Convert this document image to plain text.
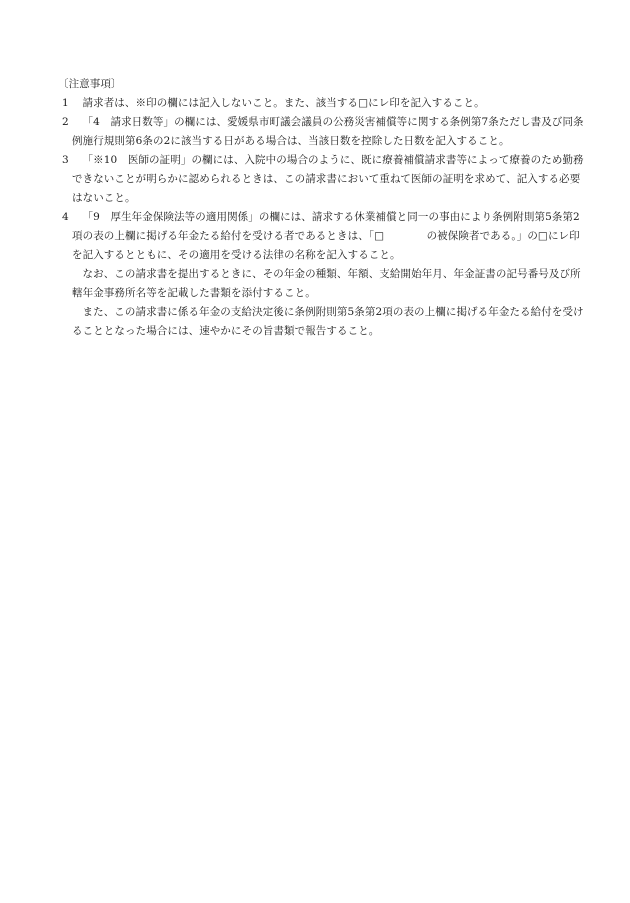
〔注意事項〕
1	請求者は、※印の欄には記入しないこと。また、該当する□にレ印を記入すること。
2	「4　請求日数等」の欄には、愛媛県市町議会議員の公務災害補償等に関する条例第7条ただし書及び同条例施行規則第6条の2に該当する日がある場合は、当該日数を控除した日数を記入すること。
3	「※10　医師の証明」の欄には、入院中の場合のように、既に療養補償請求書等によって療養のため勤務できないことが明らかに認められるときは、この請求書において重ねて医師の証明を求めて、記入する必要はないこと。
4	「9　厚生年金保険法等の適用関係」の欄には、請求する休業補償と同一の事由により条例附則第5条第2項の表の上欄に掲げる年金たる給付を受ける者であるときは、「□　　　　の被保険者である。」の□にレ印を記入するとともに、その適用を受ける法律の名称を記入すること。
なお、この請求書を提出するときに、その年金の種類、年額、支給開始年月、年金証書の記号番号及び所轄年金事務所名等を記載した書類を添付すること。
また、この請求書に係る年金の支給決定後に条例附則第5条第2項の表の上欄に掲げる年金たる給付を受けることとなった場合には、速やかにその旨書類で報告すること。
